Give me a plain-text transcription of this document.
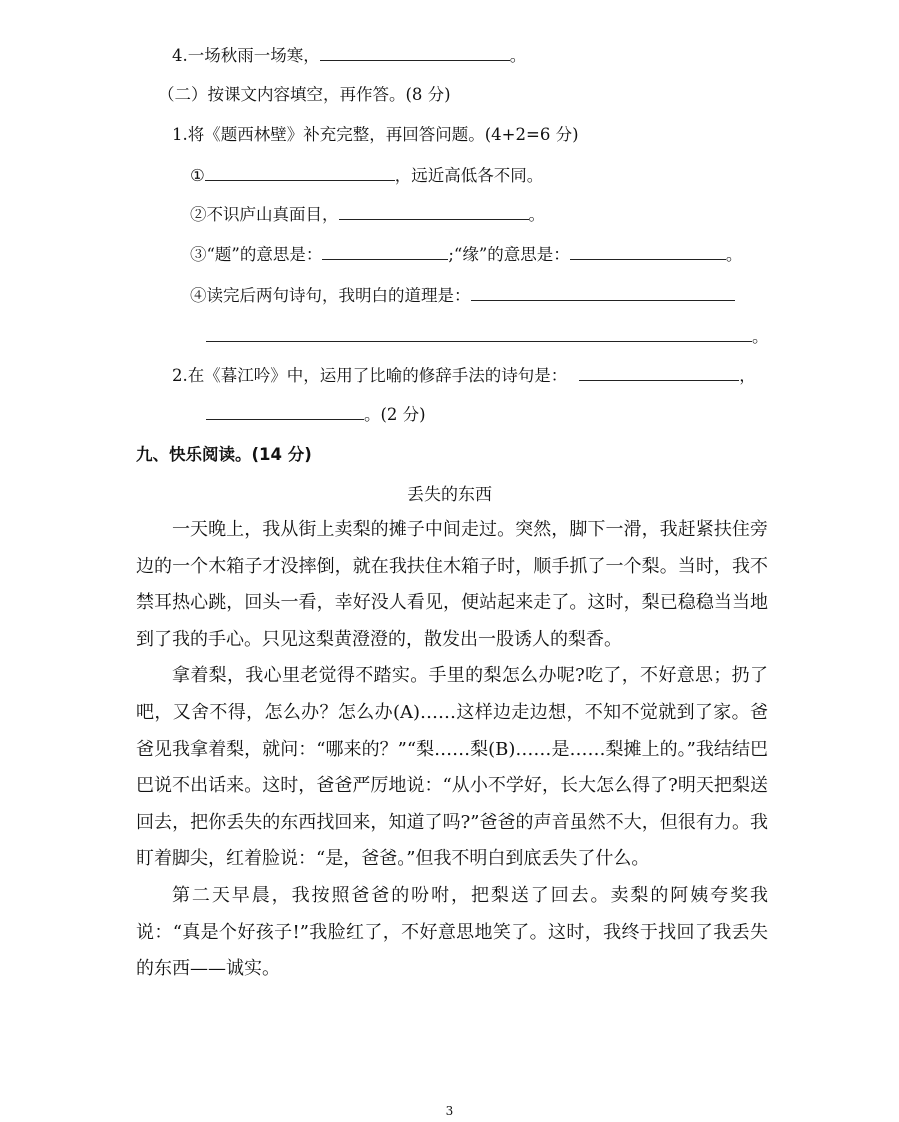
4.一场秋雨一场寒，	。
（二）按课文内容填空，再作答。(8 分)
1.将《题西林壁》补充完整，再回答问题。(4+2=6 分)
①	，远近高低各不同。
②不识庐山真面目，	。
③“题”的意思是：	;“缘”的意思是：	。
④读完后两句诗句，我明白的道理是：
。
2.在《暮江吟》中，运用了比喻的修辞手法的诗句是：	，
。(2 分)
九、快乐阅读。(14 分)
丢失的东西

一天晚上，我从街上卖梨的摊子中间走过。突然，脚下一滑，我赶紧扶住旁边的一个木箱子才没摔倒，就在我扶住木箱子时，顺手抓了一个梨。当时，我不禁耳热心跳，回头一看，幸好没人看见，便站起来走了。这时，梨已稳稳当当地到了我的手心。只见这梨黄澄澄的，散发出一股诱人的梨香。

拿着梨，我心里老觉得不踏实。手里的梨怎么办呢?吃了，不好意思；扔了吧，又舍不得，怎么办？怎么办(A)……这样边走边想，不知不觉就到了家。爸爸见我拿着梨，就问：“哪来的？”“梨……梨(B)……是……梨摊上的。”我结结巴巴说不出话来。这时，爸爸严厉地说：“从小不学好，长大怎么得了?明天把梨送回去，把你丢失的东西找回来，知道了吗?”爸爸的声音虽然不大，但很有力。我盯着脚尖，红着脸说：“是，爸爸。”但我不明白到底丢失了什么。

第二天早晨，我按照爸爸的吩咐，把梨送了回去。卖梨的阿姨夸奖我说：“真是个好孩子!”我脸红了，不好意思地笑了。这时，我终于找回了我丢失的东西——诚实。

3
